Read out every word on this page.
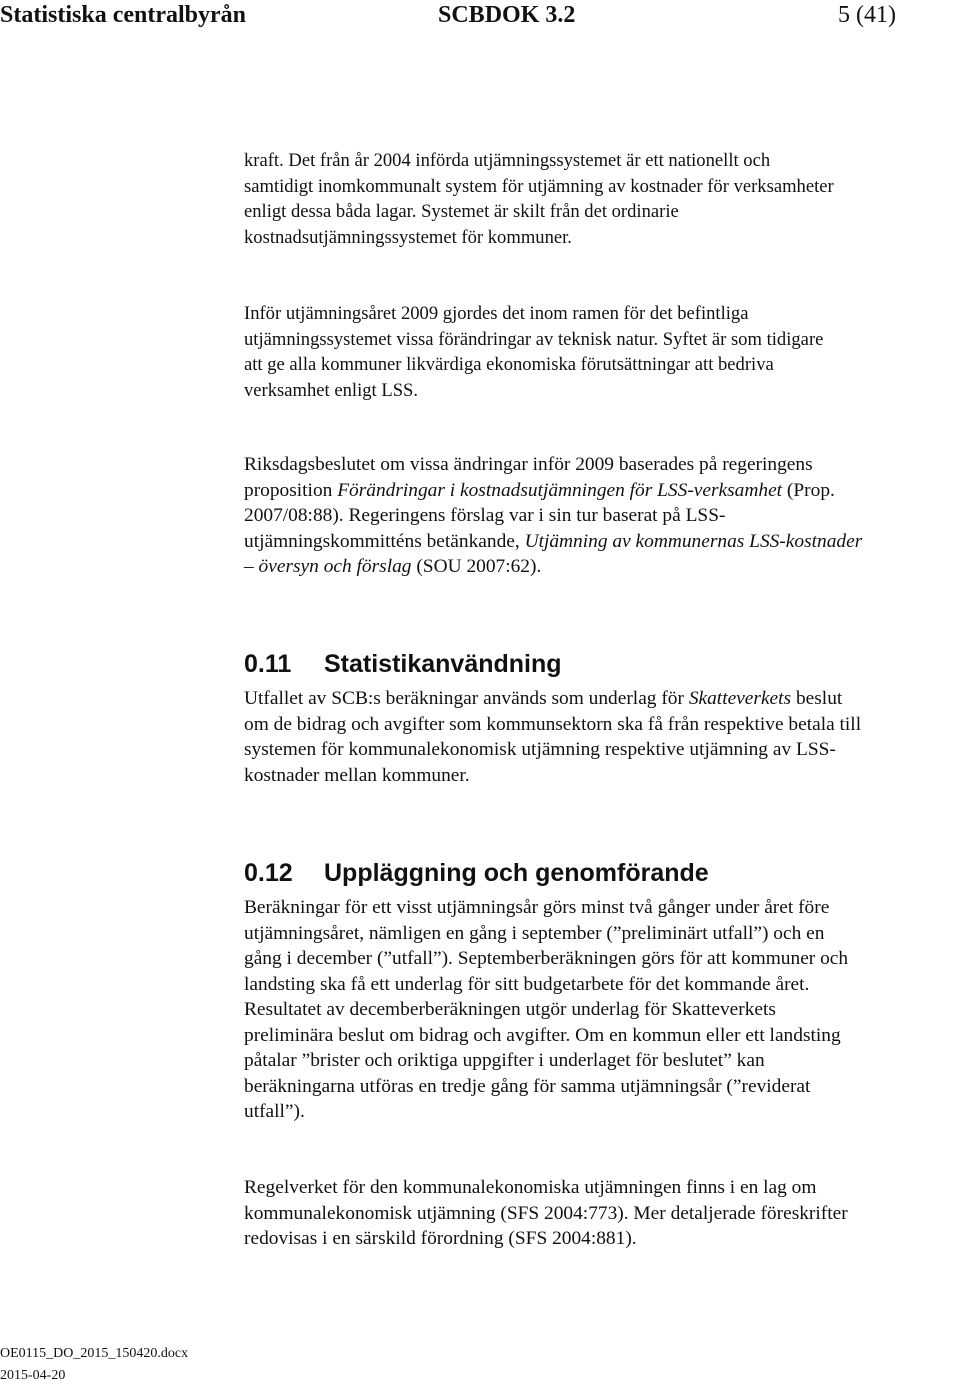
Statistiska centralbyrån	SCBDOK 3.2	5 (41)

kraft. Det från år 2004 införda utjämningssystemet är ett nationellt och
samtidigt inomkommunalt system för utjämning av kostnader för verksamheter
enligt dessa båda lagar. Systemet är skilt från det ordinarie
kostnadsutjämningssystemet för kommuner.

Inför utjämningsåret 2009 gjordes det inom ramen för det befintliga
utjämningssystemet vissa förändringar av teknisk natur. Syftet är som tidigare
att ge alla kommuner likvärdiga ekonomiska förutsättningar att bedriva
verksamhet enligt LSS.

Riksdagsbeslutet om vissa ändringar inför 2009 baserades på regeringens
proposition Förändringar i kostnadsutjämningen för LSS-verksamhet (Prop.
2007/08:88). Regeringens förslag var i sin tur baserat på LSS-
utjämningskommitténs betänkande, Utjämning av kommunernas LSS-kostnader
– översyn och förslag (SOU 2007:62).

0.11 Statistikanvändning

Utfallet av SCB:s beräkningar används som underlag för Skatteverkets beslut
om de bidrag och avgifter som kommunsektorn ska få från respektive betala till
systemen för kommunalekonomisk utjämning respektive utjämning av LSS-
kostnader mellan kommuner.

0.12 Uppläggning och genomförande

Beräkningar för ett visst utjämningsår görs minst två gånger under året före
utjämningsåret, nämligen en gång i september (”preliminärt utfall”) och en
gång i december (”utfall”). Septemberberäkningen görs för att kommuner och
landsting ska få ett underlag för sitt budgetarbete för det kommande året.
Resultatet av decemberberäkningen utgör underlag för Skatteverkets
preliminära beslut om bidrag och avgifter. Om en kommun eller ett landsting
påtalar ”brister och oriktiga uppgifter i underlaget för beslutet” kan
beräkningarna utföras en tredje gång för samma utjämningsår (”reviderat
utfall”).

Regelverket för den kommunalekonomiska utjämningen finns i en lag om
kommunalekonomisk utjämning (SFS 2004:773). Mer detaljerade föreskrifter
redovisas i en särskild förordning (SFS 2004:881).

OE0115_DO_2015_150420.docx
2015-04-20
